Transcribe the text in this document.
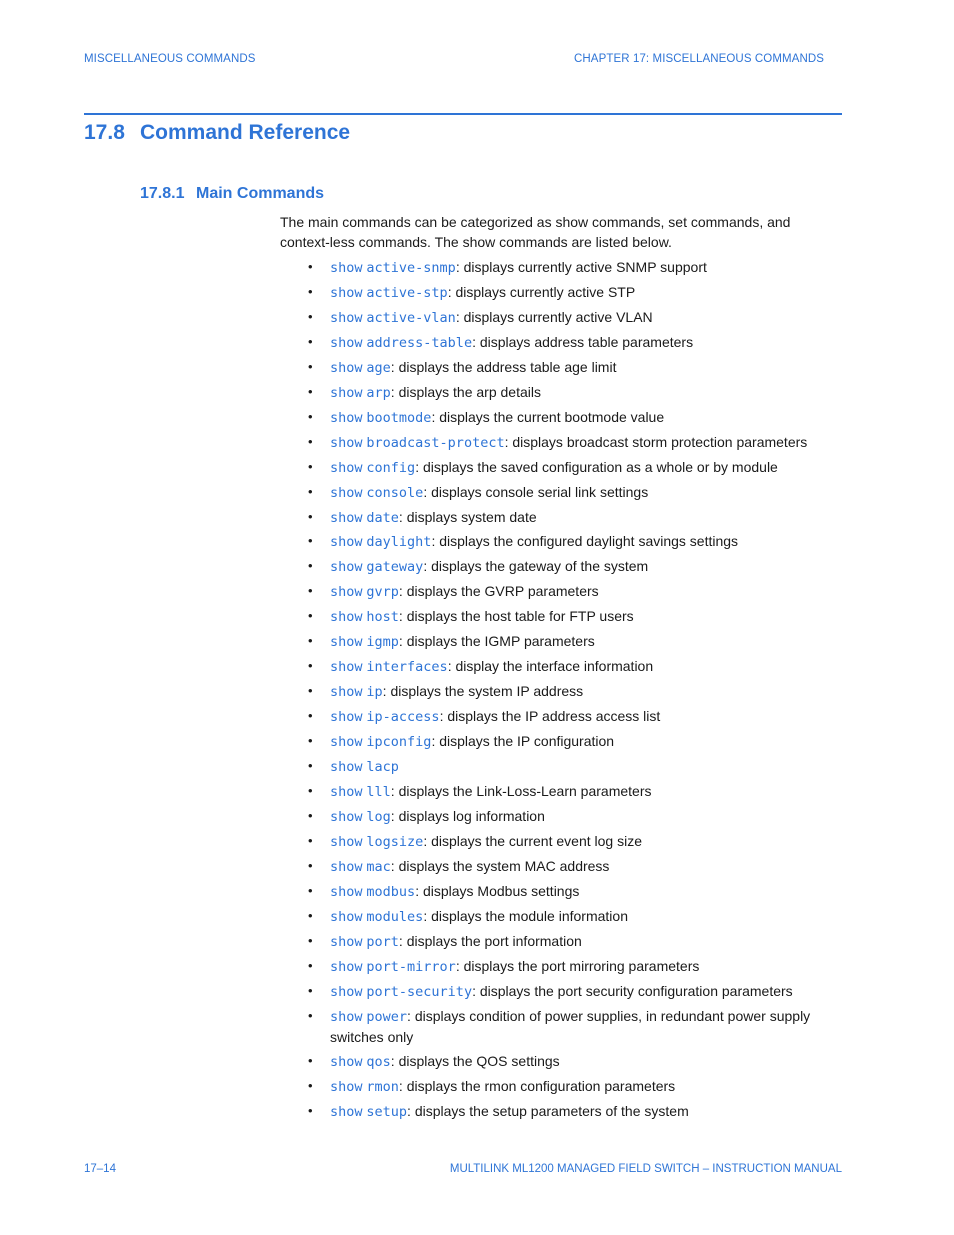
MISCELLANEOUS COMMANDS	CHAPTER 17: MISCELLANEOUS COMMANDS
17.8 Command Reference
17.8.1 Main Commands

The main commands can be categorized as show commands, set commands, and context-less commands. The show commands are listed below.

• show active-snmp: displays currently active SNMP support
• show active-stp: displays currently active STP
• show active-vlan: displays currently active VLAN
• show address-table: displays address table parameters
• show age: displays the address table age limit
• show arp: displays the arp details
• show bootmode: displays the current bootmode value
• show broadcast-protect: displays broadcast storm protection parameters
• show config: displays the saved configuration as a whole or by module
• show console: displays console serial link settings
• show date: displays system date
• show daylight: displays the configured daylight savings settings
• show gateway: displays the gateway of the system
• show gvrp: displays the GVRP parameters
• show host: displays the host table for FTP users
• show igmp: displays the IGMP parameters
• show interfaces: display the interface information
• show ip: displays the system IP address
• show ip-access: displays the IP address access list
• show ipconfig: displays the IP configuration
• show lacp
• show lll: displays the Link-Loss-Learn parameters
• show log: displays log information
• show logsize: displays the current event log size
• show mac: displays the system MAC address
• show modbus: displays Modbus settings
• show modules: displays the module information
• show port: displays the port information
• show port-mirror: displays the port mirroring parameters
• show port-security: displays the port security configuration parameters
• show power: displays condition of power supplies, in redundant power supply switches only
• show qos: displays the QOS settings
• show rmon: displays the rmon configuration parameters
• show setup: displays the setup parameters of the system
17–14	MULTILINK ML1200 MANAGED FIELD SWITCH – INSTRUCTION MANUAL
